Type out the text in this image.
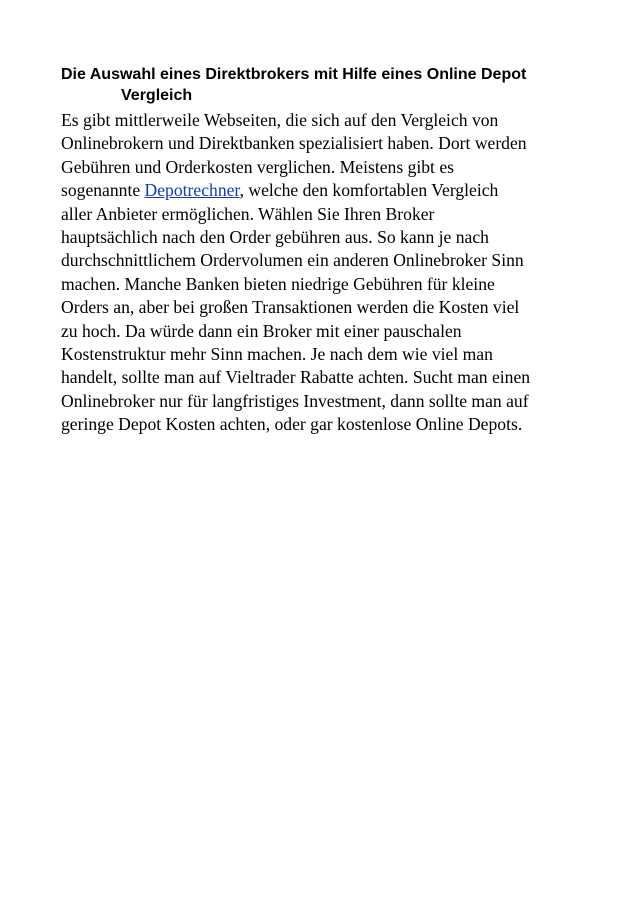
Die Auswahl eines Direktbrokers mit Hilfe eines Online Depot Vergleich

Es gibt mittlerweile Webseiten, die sich auf den Vergleich von
Onlinebrokern und Direktbanken spezialisiert haben. Dort werden
Gebühren und Orderkosten verglichen. Meistens gibt es
sogenannte Depotrechner, welche den komfortablen Vergleich
aller Anbieter ermöglichen. Wählen Sie Ihren Broker
hauptsächlich nach den Order gebühren aus. So kann je nach
durchschnittlichem Ordervolumen ein anderen Onlinebroker Sinn
machen. Manche Banken bieten niedrige Gebühren für kleine
Orders an, aber bei großen Transaktionen werden die Kosten viel
zu hoch. Da würde dann ein Broker mit einer pauschalen
Kostenstruktur mehr Sinn machen. Je nach dem wie viel man
handelt, sollte man auf Vieltrader Rabatte achten. Sucht man einen
Onlinebroker nur für langfristiges Investment, dann sollte man auf
geringe Depot Kosten achten, oder gar kostenlose Online Depots.
